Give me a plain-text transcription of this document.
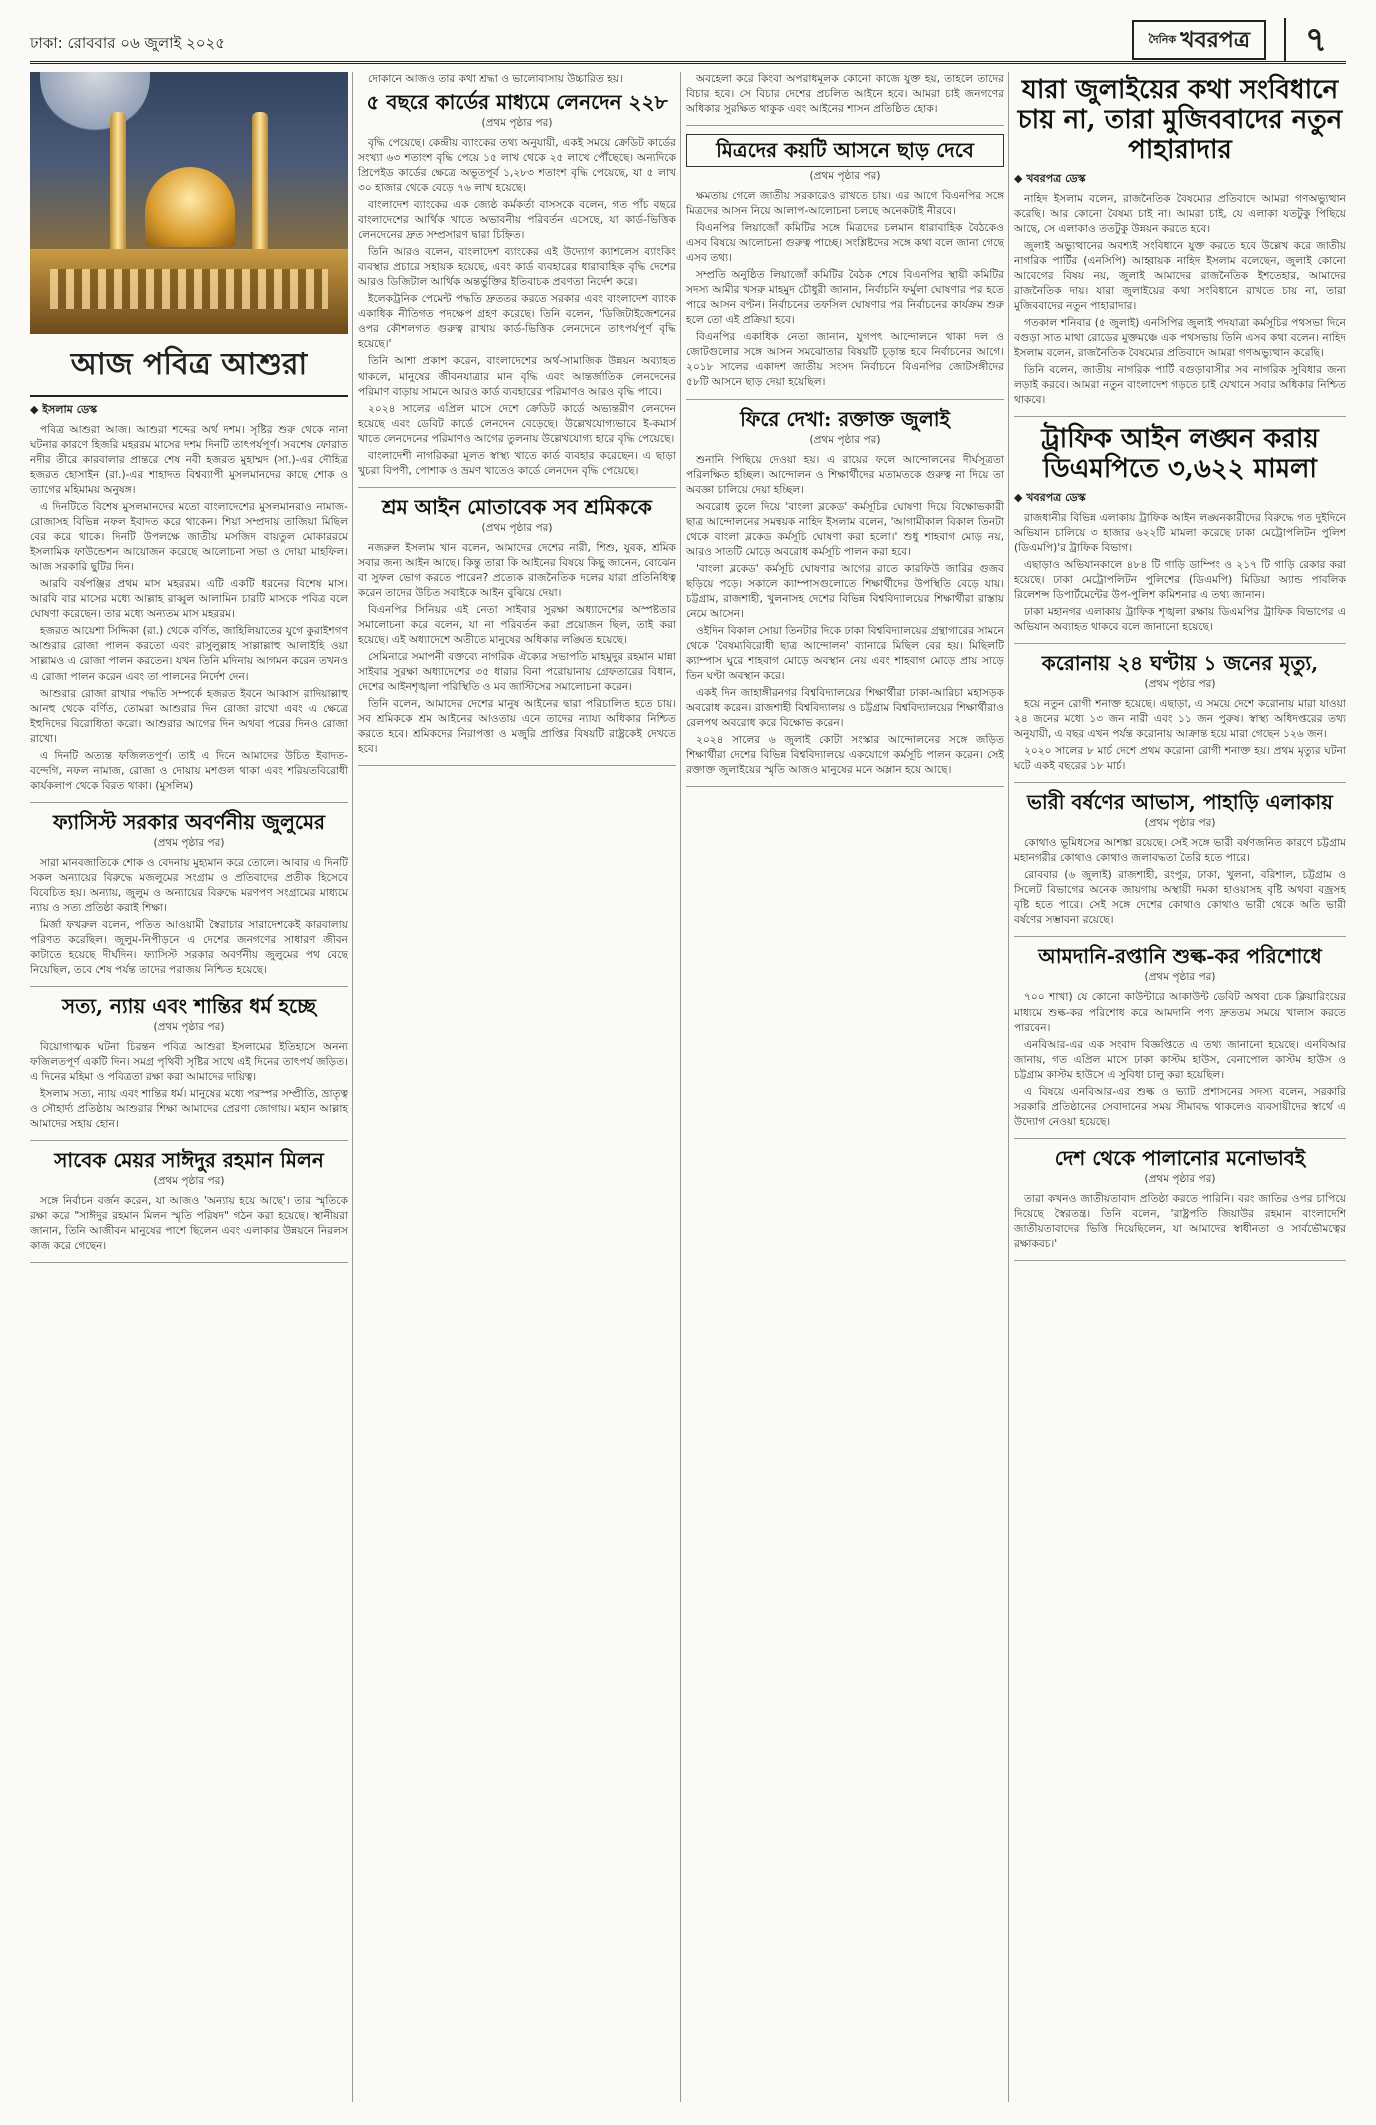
ঢাকা: রোববার ০৬ জুলাই ২০২৫	$^{দৈনিক}$ খবরপত্র	৭
আজ পবিত্র আশুরা
◆ ইসলাম ডেস্ক

পবিত্র আশুরা আজ। আশুরা শব্দের অর্থ দশম। সৃষ্টির শুরু থেকে নানা ঘটনার কারণে হিজরি মহররম মাসের দশম দিনটি তাৎপর্যপূর্ণ। সবশেষ ফোরাত নদীর তীরে কারবালার প্রান্তরে শেষ নবী হজরত মুহাম্মদ (সা.)-এর দৌহিত্র হজরত হোসাইন (রা.)-এর শাহাদত বিশ্বব্যাপী মুসলমানদের কাছে শোক ও ত্যাগের মহিমাময় অনুষঙ্গ।

এ দিনটিতে বিশেষ মুসলমানদের মতো বাংলাদেশের মুসলমানরাও নামাজ-রোজাসহ বিভিন্ন নফল ইবাদত করে থাকেন। শিয়া সম্প্রদায় তাজিয়া মিছিল বের করে থাকে। দিনটি উপলক্ষে জাতীয় মসজিদ বায়তুল মোকাররমে ইসলামিক ফাউন্ডেশন আয়োজন করেছে আলোচনা সভা ও দোয়া মাহফিল। আজ সরকারি ছুটির দিন।

আরবি বর্ষপঞ্জির প্রথম মাস মহররম। এটি একটি ধরনের বিশেষ মাস। আরবি বার মাসের মধ্যে আল্লাহ রাব্বুল আলামিন চারটি মাসকে পবিত্র বলে ঘোষণা করেছেন। তার মধ্যে অন্যতম মাস মহররম।

হজরত আয়েশা সিদ্দিকা (রা.) থেকে বর্ণিত, জাহিলিয়াতের যুগে কুরাইশগণ আশুরার রোজা পালন করতো এবং রাসুলুল্লাহ সাল্লাল্লাহু আলাইহি ওয়া সাল্লামও এ রোজা পালন করতেন। যখন তিনি মদিনায় আগমন করেন তখনও এ রোজা পালন করেন এবং তা পালনের নির্দেশ দেন।

আশুরার রোজা রাখার পদ্ধতি সম্পর্কে হজরত ইবনে আব্বাস রাদিয়াল্লাহু আনহু থেকে বর্ণিত, তোমরা আশুরার দিন রোজা রাখো এবং এ ক্ষেত্রে ইহুদিদের বিরোধিতা করো। আশুরার আগের দিন অথবা পরের দিনও রোজা রাখো।

এ দিনটি অত্যন্ত ফজিলতপূর্ণ। তাই এ দিনে আমাদের উচিত ইবাদত-বন্দেগি, নফল নামাজ, রোজা ও দোয়ায় মশগুল থাকা এবং শরিয়তবিরোধী কার্যকলাপ থেকে বিরত থাকা। (মুসলিম)

ফ্যাসিস্ট সরকার অবর্ণনীয় জুলুমের
(প্রথম পৃষ্ঠার পর)

সারা মানবজাতিকে শোক ও বেদনায় মুহ্যমান করে তোলে। আবার এ দিনটি সকল অন্যায়ের বিরুদ্ধে মজলুমের সংগ্রাম ও প্রতিবাদের প্রতীক হিসেবে বিবেচিত হয়। অন্যায়, জুলুম ও অন্যায়ের বিরুদ্ধে মরণপণ সংগ্রামের মাধ্যমে ন্যায় ও সত্য প্রতিষ্ঠা করাই শিক্ষা।

মির্জা ফখরুল বলেন, পতিত আওয়ামী স্বৈরাচার সারাদেশকেই কারবালায় পরিণত করেছিল। জুলুম-নিপীড়নে এ দেশের জনগণের সাধারণ জীবন কাটাতে হয়েছে দীর্ঘদিন। ফ্যাসিস্ট সরকার অবর্ণনীয় জুলুমের পথ বেছে নিয়েছিল, তবে শেষ পর্যন্ত তাদের পরাজয় নিশ্চিত হয়েছে।

সত্য, ন্যায় এবং শান্তির ধর্ম হচ্ছে
(প্রথম পৃষ্ঠার পর)

বিয়োগাত্মক ঘটনা চিরন্তন পবিত্র আশুরা ইসলামের ইতিহাসে অনন্য ফজিলতপূর্ণ একটি দিন। সমগ্র পৃথিবী সৃষ্টির সাথে এই দিনের তাৎপর্য জড়িত। এ দিনের মহিমা ও পবিত্রতা রক্ষা করা আমাদের দায়িত্ব।

ইসলাম সত্য, ন্যায় এবং শান্তির ধর্ম। মানুষের মধ্যে পরস্পর সম্প্রীতি, ভ্রাতৃত্ব ও সৌহার্দ্য প্রতিষ্ঠায় আশুরার শিক্ষা আমাদের প্রেরণা জোগায়। মহান আল্লাহ আমাদের সহায় হোন।

সাবেক মেয়র সাঈদুর রহমান মিলন
(প্রথম পৃষ্ঠার পর)

সঙ্গে নির্বাচন বর্জন করেন, যা আজও 'অন্যায় হয়ে আছে'। তার স্মৃতিকে রক্ষা করে "সাঈদুর রহমান মিলন স্মৃতি পরিষদ" গঠন করা হয়েছে। স্থানীয়রা জানান, তিনি আজীবন মানুষের পাশে ছিলেন এবং এলাকার উন্নয়নে নিরলস কাজ করে গেছেন।

দোকানে আজও তার কথা শ্রদ্ধা ও ভালোবাসায় উচ্চারিত হয়।

৫ বছরে কার্ডের মাধ্যমে লেনদেন ২২৮
(প্রথম পৃষ্ঠার পর)

বৃদ্ধি পেয়েছে। কেন্দ্রীয় ব্যাংকের তথ্য অনুযায়ী, একই সময়ে ক্রেডিট কার্ডের সংখ্যা ৬৩ শতাংশ বৃদ্ধি পেয়ে ১৫ লাখ থেকে ২৫ লাখে পৌঁছেছে। অন্যদিকে প্রিপেইড কার্ডের ক্ষেত্রে অভূতপূর্ব ১,২৮৩ শতাংশ বৃদ্ধি পেয়েছে, যা ৫ লাখ ৩০ হাজার থেকে বেড়ে ৭৬ লাখ হয়েছে।

বাংলাদেশ ব্যাংকের এক জ্যেষ্ঠ কর্মকর্তা বাসসকে বলেন, গত পাঁচ বছরে বাংলাদেশের আর্থিক খাতে অভাবনীয় পরিবর্তন এসেছে, যা কার্ড-ভিত্তিক লেনদেনের দ্রুত সম্প্রসারণ দ্বারা চিহ্নিত।

তিনি আরও বলেন, বাংলাদেশ ব্যাংকের এই উদ্যোগ ক্যাশলেস ব্যাংকিং ব্যবস্থার প্রচারে সহায়ক হয়েছে, এবং কার্ড ব্যবহারের ধারাবাহিক বৃদ্ধি দেশের আরও ডিজিটাল আর্থিক অন্তর্ভুক্তির ইতিবাচক প্রবণতা নির্দেশ করে।

ইলেকট্রনিক পেমেন্ট পদ্ধতি দ্রুততর করতে সরকার এবং বাংলাদেশ ব্যাংক একাধিক নীতিগত পদক্ষেপ গ্রহণ করেছে। তিনি বলেন, 'ডিজিটাইজেশনের ওপর কৌশলগত গুরুত্ব রাখায় কার্ড-ভিত্তিক লেনদেনে তাৎপর্যপূর্ণ বৃদ্ধি হয়েছে।'

তিনি আশা প্রকাশ করেন, বাংলাদেশের অর্থ-সামাজিক উন্নয়ন অব্যাহত থাকলে, মানুষের জীবনযাত্রার মান বৃদ্ধি এবং আন্তর্জাতিক লেনদেনের পরিমাণ বাড়ায় সামনে আরও কার্ড ব্যবহারের পরিমাণও আরও বৃদ্ধি পাবে।

২০২৪ সালের এপ্রিল মাসে দেশে ক্রেডিট কার্ডে অভ্যন্তরীণ লেনদেন হয়েছে এবং ডেবিট কার্ডে লেনদেন বেড়েছে। উল্লেখযোগ্যভাবে ই-কমার্স খাতে লেনদেনের পরিমাণও আগের তুলনায় উল্লেখযোগ্য হারে বৃদ্ধি পেয়েছে।

বাংলাদেশী নাগরিকরা মূলত স্বাস্থ্য খাতে কার্ড ব্যবহার করেছেন। এ ছাড়া খুচরা বিপণী, পোশাক ও ভ্রমণ খাতেও কার্ডে লেনদেন বৃদ্ধি পেয়েছে।

শ্রম আইন মোতাবেক সব শ্রমিককে
(প্রথম পৃষ্ঠার পর)

নজরুল ইসলাম খান বলেন, আমাদের দেশের নারী, শিশু, যুবক, শ্রমিক সবার জন্য আইন আছে। কিন্তু তারা কি আইনের বিষয়ে কিছু জানেন, বোঝেন বা সুফল ভোগ করতে পারেন? প্রত্যেক রাজনৈতিক দলের যারা প্রতিনিধিত্ব করেন তাদের উচিত সবাইকে আইন বুঝিয়ে দেয়া।

বিএনপির সিনিয়র এই নেতা সাইবার সুরক্ষা অধ্যাদেশের অস্পষ্টতার সমালোচনা করে বলেন, যা না পরিবর্তন করা প্রয়োজন ছিল, তাই করা হয়েছে। এই অধ্যাদেশে অতীতে মানুষের অধিকার লঙ্ঘিত হয়েছে।

সেমিনারে সমাপনী বক্তব্যে নাগরিক ঐক্যের সভাপতি মাহমুদুর রহমান মান্না সাইবার সুরক্ষা অধ্যাদেশের ৩৫ ধারার বিনা পরোয়ানায় গ্রেফতারের বিধান, দেশের আইনশৃঙ্খলা পরিস্থিতি ও মব জাস্টিসের সমালোচনা করেন।

তিনি বলেন, আমাদের দেশের মানুষ আইনের দ্বারা পরিচালিত হতে চায়। সব শ্রমিককে শ্রম আইনের আওতায় এনে তাদের ন্যায্য অধিকার নিশ্চিত করতে হবে। শ্রমিকদের নিরাপত্তা ও মজুরি প্রাপ্তির বিষয়টি রাষ্ট্রকেই দেখতে হবে।

অবহেলা করে কিংবা অপরাধমূলক কোনো কাজে যুক্ত হয়, তাহলে তাদের বিচার হবে। সে বিচার দেশের প্রচলিত আইনে হবে। আমরা চাই জনগণের অধিকার সুরক্ষিত থাকুক এবং আইনের শাসন প্রতিষ্ঠিত হোক।

মিত্রদের কয়টি আসনে ছাড় দেবে
(প্রথম পৃষ্ঠার পর)

ক্ষমতায় গেলে জাতীয় সরকারেও রাখতে চায়। এর আগে বিএনপির সঙ্গে মিত্রদের আসন নিয়ে আলাপ-আলোচনা চলছে অনেকটাই নীরবে।

বিএনপির লিয়াজোঁ কমিটির সঙ্গে মিত্রদের চলমান ধারাবাহিক বৈঠকেও এসব বিষয়ে আলোচনা গুরুত্ব পাচ্ছে। সংশ্লিষ্টদের সঙ্গে কথা বলে জানা গেছে এসব তথ্য।

সম্প্রতি অনুষ্ঠিত লিয়াজোঁ কমিটির বৈঠক শেষে বিএনপির স্থায়ী কমিটির সদস্য আমীর খসরু মাহমুদ চৌধুরী জানান, নির্বাচনি ফর্মুলা ঘোষণার পর হতে পারে আসন বণ্টন। নির্বাচনের তফসিল ঘোষণার পর নির্বাচনের কার্যক্রম শুরু হলে তো এই প্রক্রিয়া হবে।

বিএনপির একাধিক নেতা জানান, যুগপৎ আন্দোলনে থাকা দল ও জোটগুলোর সঙ্গে আসন সমঝোতার বিষয়টি চূড়ান্ত হবে নির্বাচনের আগে। ২০১৮ সালের একাদশ জাতীয় সংসদ নির্বাচনে বিএনপির জোটসঙ্গীদের ৫৮টি আসনে ছাড় দেয়া হয়েছিল।

ফিরে দেখা: রক্তাক্ত জুলাই
(প্রথম পৃষ্ঠার পর)

শুনানি পিছিয়ে দেওয়া হয়। এ রায়ের ফলে আন্দোলনের দীর্ঘসূত্রতা পরিলক্ষিত হচ্ছিল। আন্দোলন ও শিক্ষার্থীদের মতামতকে গুরুত্ব না দিয়ে তা অবজ্ঞা চালিয়ে দেয়া হচ্ছিল।

অবরোধ তুলে দিয়ে 'বাংলা ব্লকেড' কর্মসূচির ঘোষণা দিয়ে বিক্ষোভকারী ছাত্র আন্দোলনের সমন্বয়ক নাহিদ ইসলাম বলেন, 'আগামীকাল বিকাল তিনটা থেকে বাংলা ব্লকেড কর্মসূচি ঘোষণা করা হলো।' শুধু শাহবাগ মোড় নয়, আরও সাতটি মোড়ে অবরোধ কর্মসূচি পালন করা হবে।

'বাংলা ব্লকেড' কর্মসূচি ঘোষণার আগের রাতে কারফিউ জারির গুজব ছড়িয়ে পড়ে। সকালে ক্যাম্পাসগুলোতে শিক্ষার্থীদের উপস্থিতি বেড়ে যায়। চট্টগ্রাম, রাজশাহী, খুলনাসহ দেশের বিভিন্ন বিশ্ববিদ্যালয়ের শিক্ষার্থীরা রাস্তায় নেমে আসেন।

ওইদিন বিকাল সোয়া তিনটার দিকে ঢাকা বিশ্ববিদ্যালয়ের গ্রন্থাগারের সামনে থেকে 'বৈষম্যবিরোধী ছাত্র আন্দোলন' ব্যানারে মিছিল বের হয়। মিছিলটি ক্যাম্পাস ঘুরে শাহবাগ মোড়ে অবস্থান নেয় এবং শাহবাগ মোড়ে প্রায় সাড়ে তিন ঘণ্টা অবস্থান করে।

একই দিন জাহাঙ্গীরনগর বিশ্ববিদ্যালয়ের শিক্ষার্থীরা ঢাকা-আরিচা মহাসড়ক অবরোধ করেন। রাজশাহী বিশ্ববিদ্যালয় ও চট্টগ্রাম বিশ্ববিদ্যালয়ের শিক্ষার্থীরাও রেলপথ অবরোধ করে বিক্ষোভ করেন।

২০২৪ সালের ৬ জুলাই কোটা সংস্কার আন্দোলনের সঙ্গে জড়িত শিক্ষার্থীরা দেশের বিভিন্ন বিশ্ববিদ্যালয়ে একযোগে কর্মসূচি পালন করেন। সেই রক্তাক্ত জুলাইয়ের স্মৃতি আজও মানুষের মনে অম্লান হয়ে আছে।

যারা জুলাইয়ের কথা সংবিধানে চায় না, তারা মুজিববাদের নতুন পাহারাদার
◆ খবরপত্র ডেস্ক

নাহিদ ইসলাম বলেন, রাজনৈতিক বৈষম্যের প্রতিবাদে আমরা গণঅভ্যুত্থান করেছি। আর কোনো বৈষম্য চাই না। আমরা চাই, যে এলাকা যতটুকু পিছিয়ে আছে, সে এলাকাও ততটুকু উন্নয়ন করতে হবে।

জুলাই অভ্যুত্থানের অবশ্যই সংবিধানে যুক্ত করতে হবে উল্লেখ করে জাতীয় নাগরিক পার্টির (এনসিপি) আহ্বায়ক নাহিদ ইসলাম বলেছেন, জুলাই কোনো আবেগের বিষয় নয়, জুলাই আমাদের রাজনৈতিক ইশতেহার, আমাদের রাজনৈতিক দায়। যারা জুলাইয়ের কথা সংবিধানে রাখতে চায় না, তারা মুজিববাদের নতুন পাহারাদার।

গতকাল শনিবার (৫ জুলাই) এনসিপির জুলাই পদযাত্রা কর্মসূচির পথসভা দিনে বগুড়া সাত মাথা রোডের মুক্তমঞ্চে এক পথসভায় তিনি এসব কথা বলেন। নাহিদ ইসলাম বলেন, রাজনৈতিক বৈষম্যের প্রতিবাদে আমরা গণঅভ্যুত্থান করেছি।

তিনি বলেন, জাতীয় নাগরিক পার্টি বগুড়াবাসীর সব নাগরিক সুবিধার জন্য লড়াই করবে। আমরা নতুন বাংলাদেশ গড়তে চাই যেখানে সবার অধিকার নিশ্চিত থাকবে।

ট্রাফিক আইন লঙ্ঘন করায় ডিএমপিতে ৩,৬২২ মামলা
◆ খবরপত্র ডেস্ক

রাজধানীর বিভিন্ন এলাকায় ট্রাফিক আইন লঙ্ঘনকারীদের বিরুদ্ধে গত দুইদিনে অভিযান চালিয়ে ৩ হাজার ৬২২টি মামলা করেছে ঢাকা মেট্রোপলিটন পুলিশ (ডিএমপি)'র ট্রাফিক বিভাগ।

এছাড়াও অভিযানকালে ৪৮৪ টি গাড়ি ডাম্পিং ও ২১৭ টি গাড়ি রেকার করা হয়েছে। ঢাকা মেট্রোপলিটন পুলিশের (ডিএমপি) মিডিয়া অ্যান্ড পাবলিক রিলেশন্স ডিপার্টমেন্টের উপ-পুলিশ কমিশনার এ তথ্য জানান।

ঢাকা মহানগর এলাকায় ট্রাফিক শৃঙ্খলা রক্ষায় ডিএমপির ট্রাফিক বিভাগের এ অভিযান অব্যাহত থাকবে বলে জানানো হয়েছে।

করোনায় ২৪ ঘণ্টায় ১ জনের মৃত্যু,
(প্রথম পৃষ্ঠার পর)

হয়ে নতুন রোগী শনাক্ত হয়েছে। এছাড়া, এ সময়ে দেশে করোনায় মারা যাওয়া ২৪ জনের মধ্যে ১৩ জন নারী এবং ১১ জন পুরুষ। স্বাস্থ্য অধিদপ্তরের তথ্য অনুযায়ী, এ বছর এখন পর্যন্ত করোনায় আক্রান্ত হয়ে মারা গেছেন ১২৬ জন।

২০২০ সালের ৮ মার্চ দেশে প্রথম করোনা রোগী শনাক্ত হয়। প্রথম মৃত্যুর ঘটনা ঘটে একই বছরের ১৮ মার্চ।

ভারী বর্ষণের আভাস, পাহাড়ি এলাকায়
(প্রথম পৃষ্ঠার পর)

কোথাও ভূমিধসের আশঙ্কা রয়েছে। সেই সঙ্গে ভারী বর্ষণজনিত কারণে চট্টগ্রাম মহানগরীর কোথাও কোথাও জলাবদ্ধতা তৈরি হতে পারে।

রোববার (৬ জুলাই) রাজশাহী, রংপুর, ঢাকা, খুলনা, বরিশাল, চট্টগ্রাম ও সিলেট বিভাগের অনেক জায়গায় অস্থায়ী দমকা হাওয়াসহ বৃষ্টি অথবা বজ্রসহ বৃষ্টি হতে পারে। সেই সঙ্গে দেশের কোথাও কোথাও ভারী থেকে অতি ভারী বর্ষণের সম্ভাবনা রয়েছে।

আমদানি-রপ্তানি শুল্ক-কর পরিশোধে
(প্রথম পৃষ্ঠার পর)

৭০০ শাখা) যে কোনো কাউন্টারে আকাউন্ট ডেবিট অথবা চেক ক্লিয়ারিংয়ের মাধ্যমে শুল্ক-কর পরিশোধ করে আমদানি পণ্য দ্রুততম সময়ে খালাস করতে পারবেন।

এনবিআর-এর এক সংবাদ বিজ্ঞপ্তিতে এ তথ্য জানানো হয়েছে। এনবিআর জানায়, গত এপ্রিল মাসে ঢাকা কাস্টম হাউস, বেনাপোল কাস্টম হাউস ও চট্টগ্রাম কাস্টম হাউসে এ সুবিধা চালু করা হয়েছিল।

এ বিষয়ে এনবিআর-এর শুল্ক ও ভ্যাট প্রশাসনের সদস্য বলেন, সরকারি সরকারি প্রতিষ্ঠানের সেবাদানের সময় সীমাবদ্ধ থাকলেও ব্যবসায়ীদের স্বার্থে এ উদ্যোগ নেওয়া হয়েছে।

দেশ থেকে পালানোর মনোভাবই
(প্রথম পৃষ্ঠার পর)

তারা কখনও জাতীয়তাবাদ প্রতিষ্ঠা করতে পারিনি। বরং জাতির ওপর চাপিয়ে দিয়েছে স্বৈরতন্ত্র। তিনি বলেন, 'রাষ্ট্রপতি জিয়াউর রহমান বাংলাদেশি জাতীয়তাবাদের ভিত্তি দিয়েছিলেন, যা আমাদের স্বাধীনতা ও সার্বভৌমত্বের রক্ষাকবচ।'
